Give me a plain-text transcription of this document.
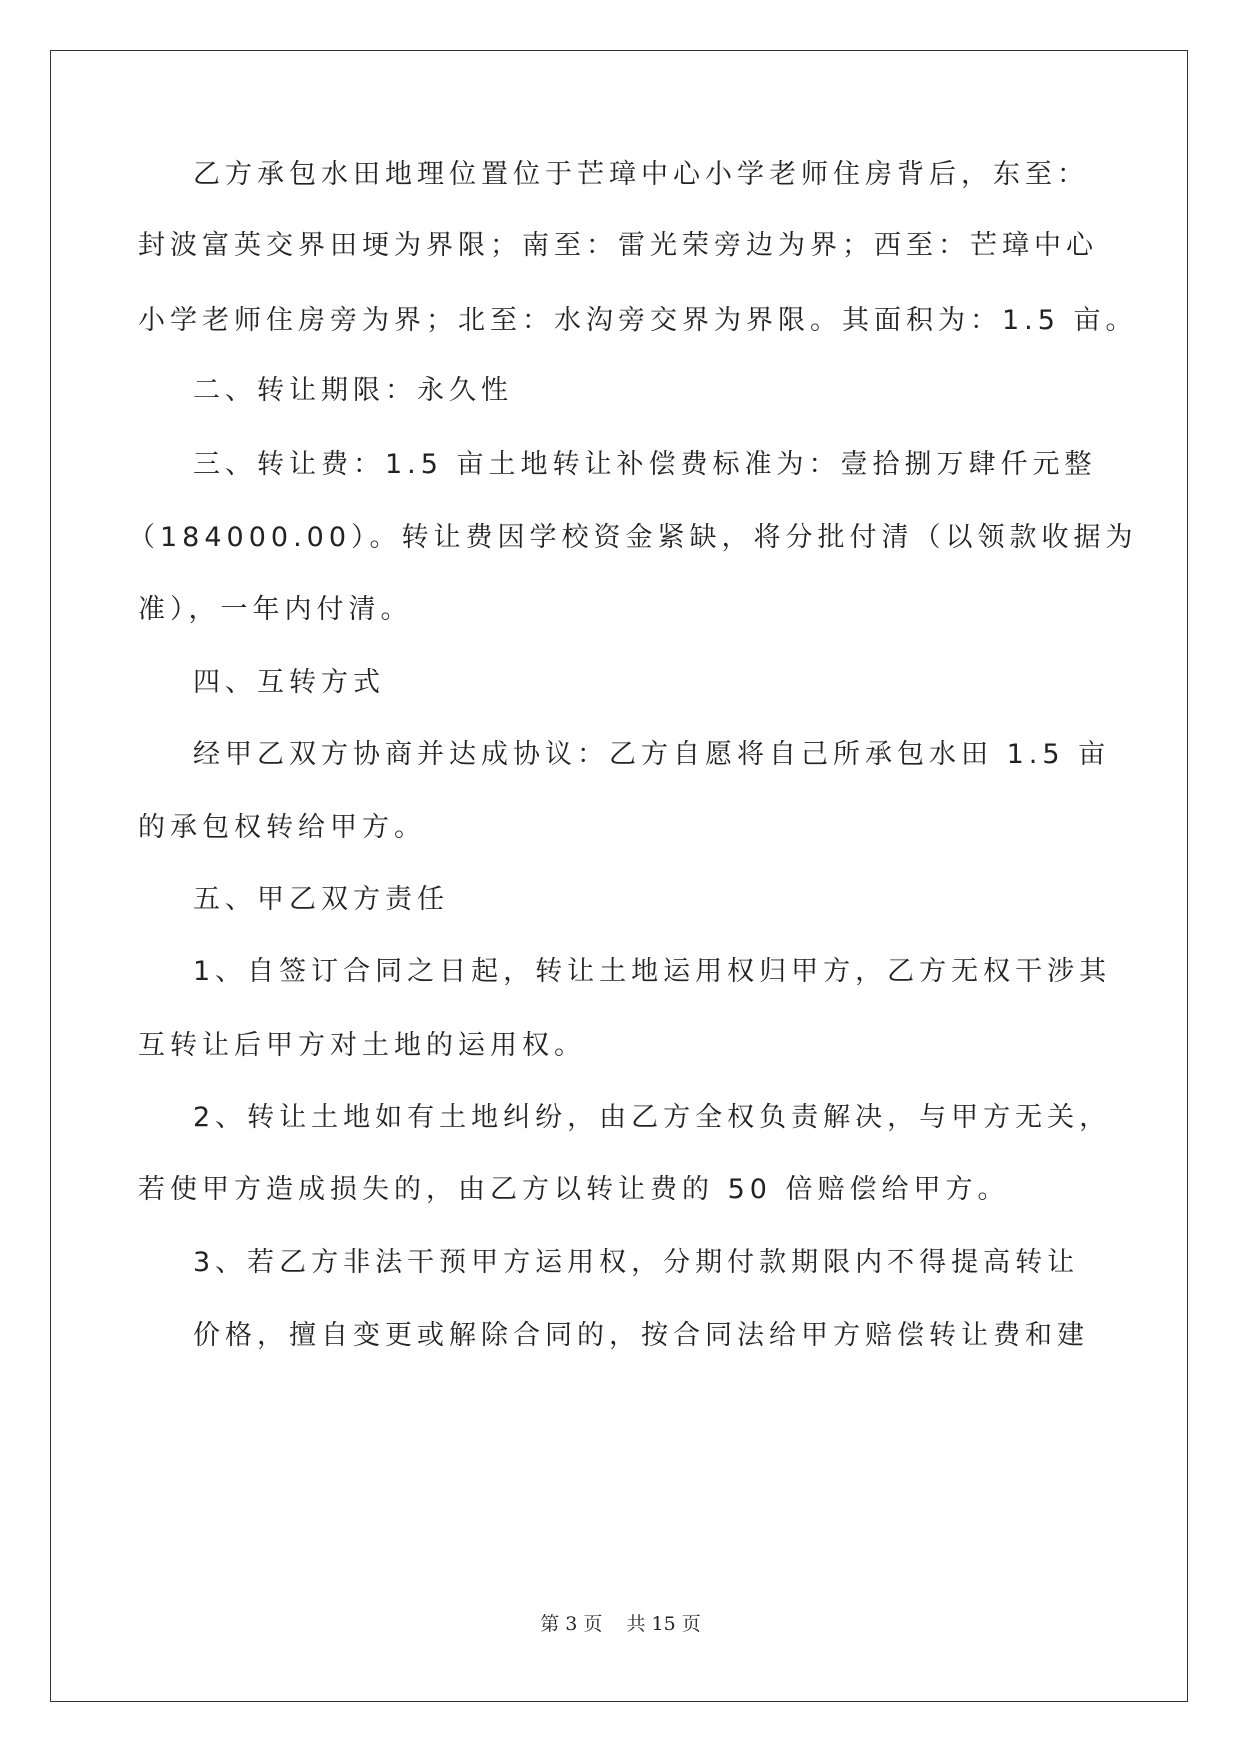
乙方承包水田地理位置位于芒璋中心小学老师住房背后，东至：
封波富英交界田埂为界限；南至：雷光荣旁边为界；西至：芒璋中心
小学老师住房旁为界；北至：水沟旁交界为界限。其面积为：1.5 亩。
二、转让期限：永久性
三、转让费：1.5 亩土地转让补偿费标准为：壹拾捌万肆仟元整
（184000.00）。转让费因学校资金紧缺，将分批付清（以领款收据为
准），一年内付清。
四、互转方式
经甲乙双方协商并达成协议：乙方自愿将自己所承包水田 1.5 亩
的承包权转给甲方。
五、甲乙双方责任
1、自签订合同之日起，转让土地运用权归甲方，乙方无权干涉其
互转让后甲方对土地的运用权。
2、转让土地如有土地纠纷，由乙方全权负责解决，与甲方无关，
若使甲方造成损失的，由乙方以转让费的 50 倍赔偿给甲方。
3、若乙方非法干预甲方运用权，分期付款期限内不得提高转让
价格，擅自变更或解除合同的，按合同法给甲方赔偿转让费和建
第 3 页 共 15 页
